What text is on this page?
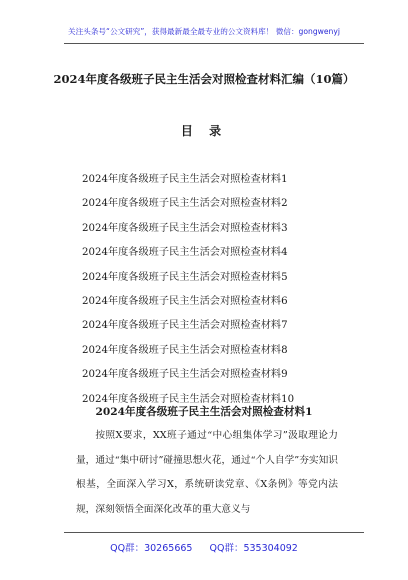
关注头条号“公文研究”，获得最新最全最专业的公文资料库！ 微信：gongwenyj
2024年度各级班子民主生活会对照检查材料汇编（10篇）
目 录
2024年度各级班子民主生活会对照检查材料1
2024年度各级班子民主生活会对照检查材料2
2024年度各级班子民主生活会对照检查材料3
2024年度各级班子民主生活会对照检查材料4
2024年度各级班子民主生活会对照检查材料5
2024年度各级班子民主生活会对照检查材料6
2024年度各级班子民主生活会对照检查材料7
2024年度各级班子民主生活会对照检查材料8
2024年度各级班子民主生活会对照检查材料9
2024年度各级班子民主生活会对照检查材料10
2024年度各级班子民主生活会对照检查材料1

按照X要求，XX班子通过“中心组集体学习”汲取理论力量，通过“集中研讨”碰撞思想火花，通过“个人自学”夯实知识根基，全面深入学习X，系统研读党章、《X条例》等党内法规，深刻领悟全面深化改革的重大意义与

QQ群：30265665 QQ群：535304092
